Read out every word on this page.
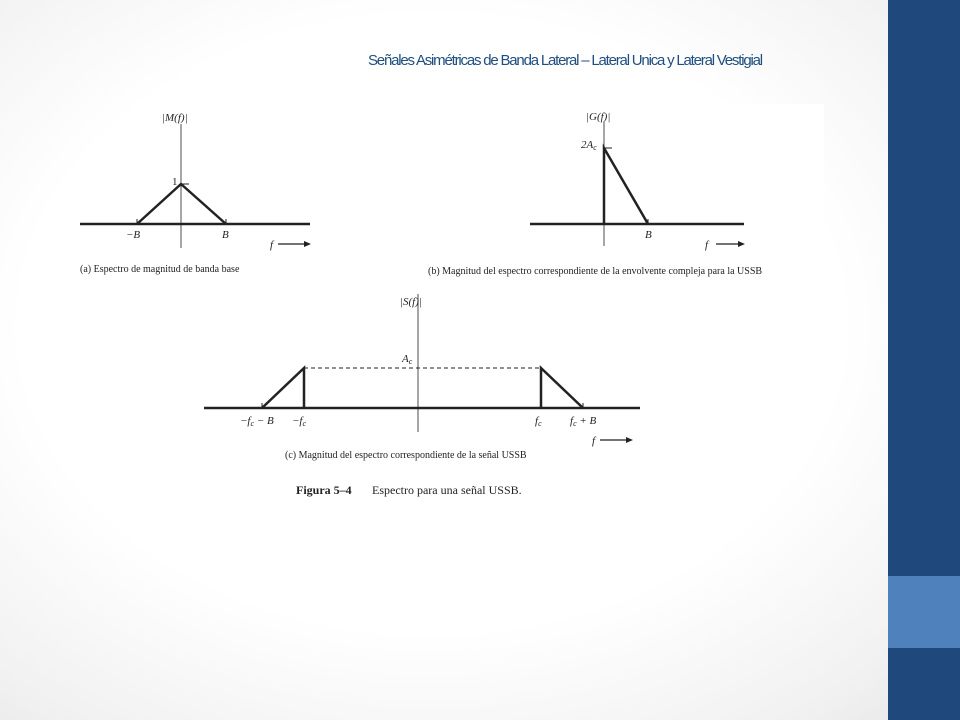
Señales Asimétricas de Banda Lateral – Lateral Unica y Lateral Vestigial
|M(f)|
1
−B	B
f
(a) Espectro de magnitud de banda base
|G(f)|
2Ac
B
f
(b) Magnitud del espectro correspondiente de la envolvente compleja para la USSB
|S(f)|
Ac
−fc − B −fc	fc	fc + B
f
(c) Magnitud del espectro correspondiente de la señal USSB
Figura 5–4 Espectro para una señal USSB.
